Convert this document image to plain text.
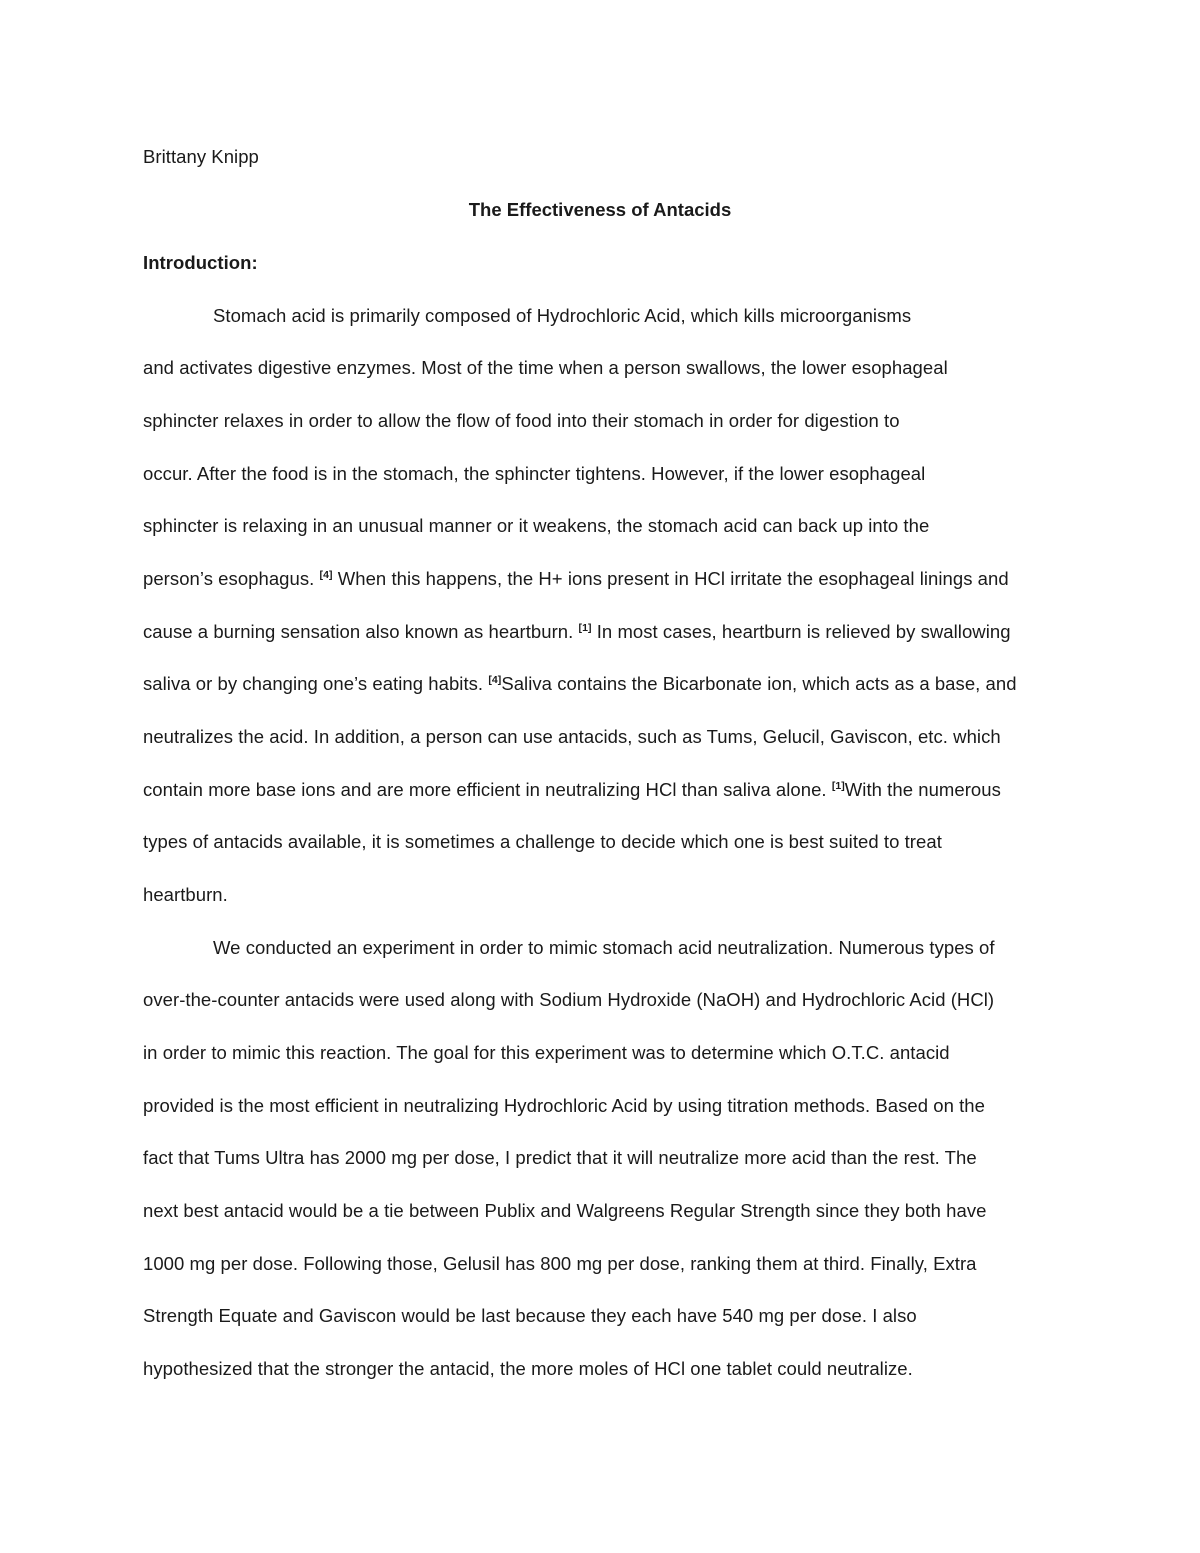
Brittany Knipp
The Effectiveness of Antacids
Introduction:
Stomach acid is primarily composed of Hydrochloric Acid, which kills microorganisms
and activates digestive enzymes. Most of the time when a person swallows, the lower esophageal
sphincter relaxes in order to allow the flow of food into their stomach in order for digestion to
occur. After the food is in the stomach, the sphincter tightens. However, if the lower esophageal
sphincter is relaxing in an unusual manner or it weakens, the stomach acid can back up into the
person’s esophagus. [4] When this happens, the H+ ions present in HCl irritate the esophageal linings and
cause a burning sensation also known as heartburn. [1] In most cases, heartburn is relieved by swallowing
saliva or by changing one’s eating habits. [4]Saliva contains the Bicarbonate ion, which acts as a base, and
neutralizes the acid. In addition, a person can use antacids, such as Tums, Gelucil, Gaviscon, etc. which
contain more base ions and are more efficient in neutralizing HCl than saliva alone. [1]With the numerous
types of antacids available, it is sometimes a challenge to decide which one is best suited to treat
heartburn.
We conducted an experiment in order to mimic stomach acid neutralization. Numerous types of
over-the-counter antacids were used along with Sodium Hydroxide (NaOH) and Hydrochloric Acid (HCl)
in order to mimic this reaction. The goal for this experiment was to determine which O.T.C. antacid
provided is the most efficient in neutralizing Hydrochloric Acid by using titration methods. Based on the
fact that Tums Ultra has 2000 mg per dose, I predict that it will neutralize more acid than the rest. The
next best antacid would be a tie between Publix and Walgreens Regular Strength since they both have
1000 mg per dose. Following those, Gelusil has 800 mg per dose, ranking them at third. Finally, Extra
Strength Equate and Gaviscon would be last because they each have 540 mg per dose. I also
hypothesized that the stronger the antacid, the more moles of HCl one tablet could neutralize.
